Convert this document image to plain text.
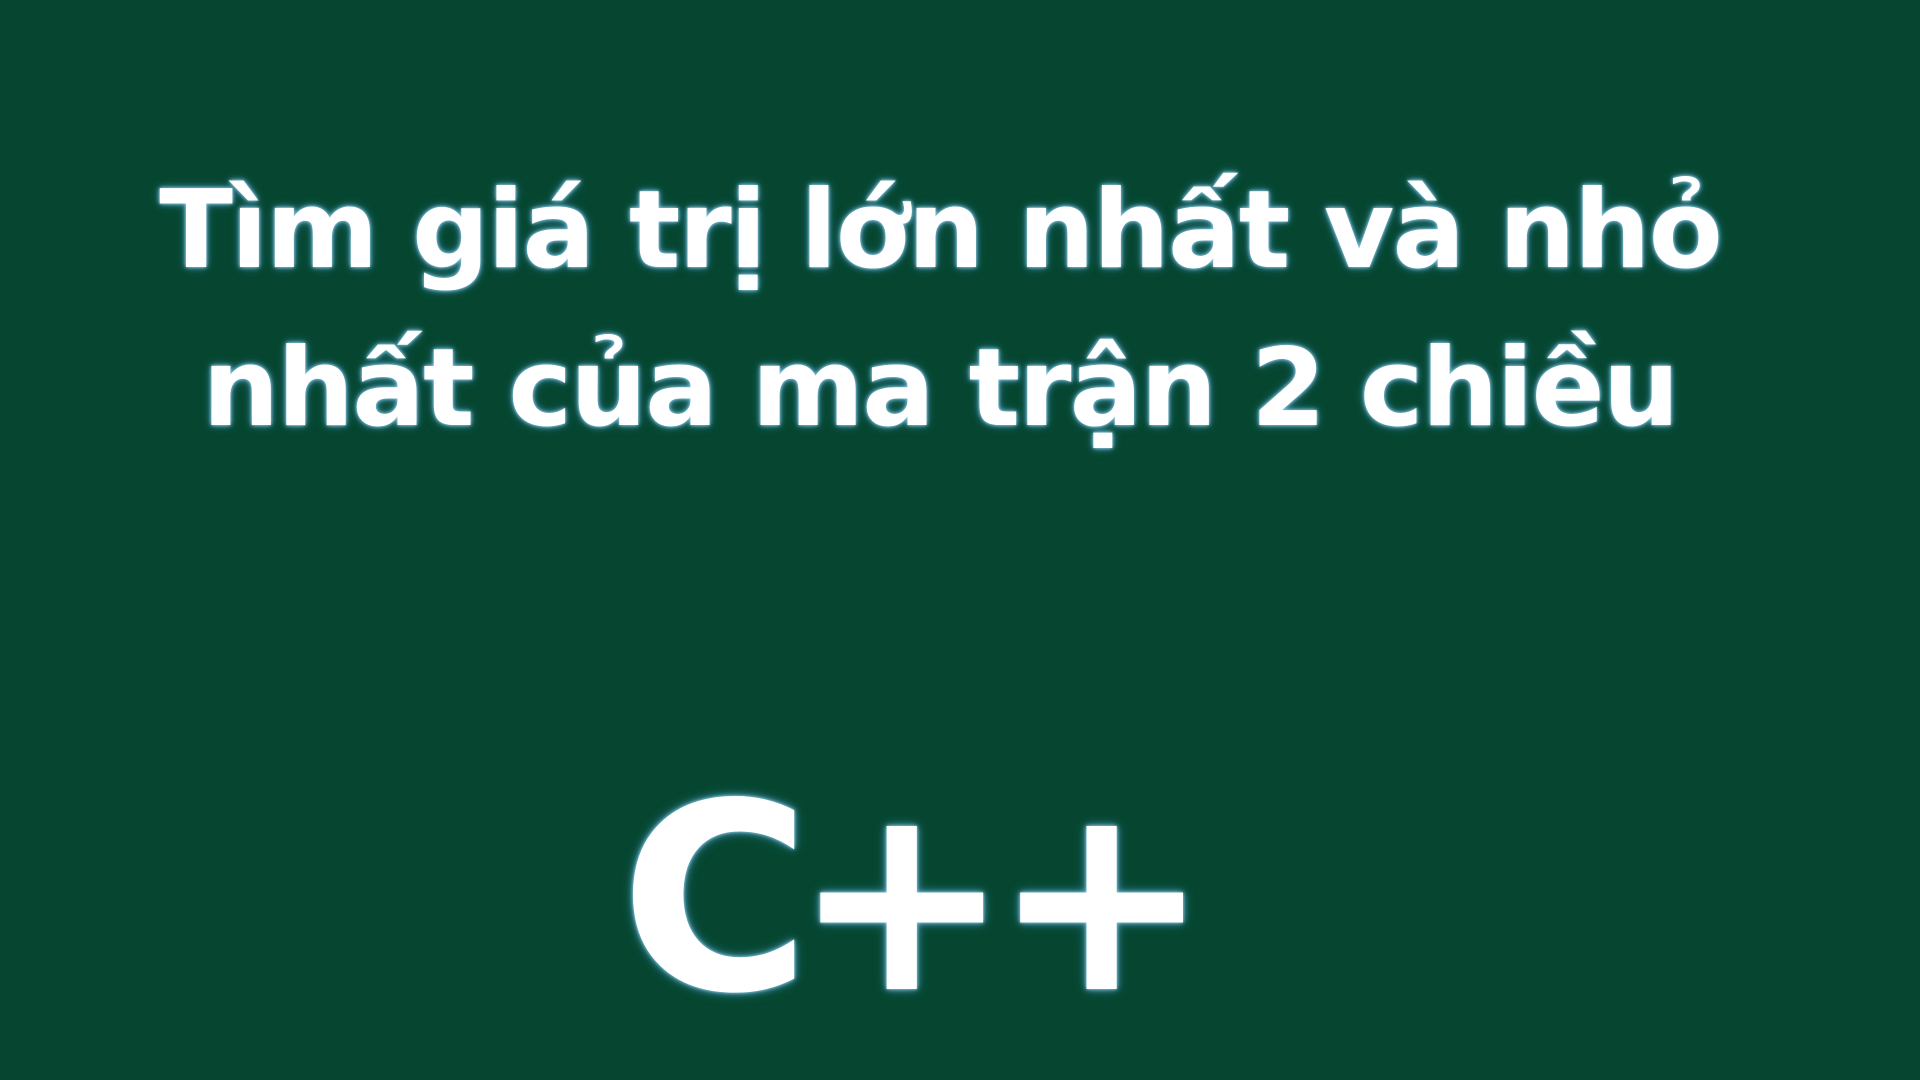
Tìm giá trị lớn nhất và nhỏ
nhất của ma trận 2 chiều
C++
